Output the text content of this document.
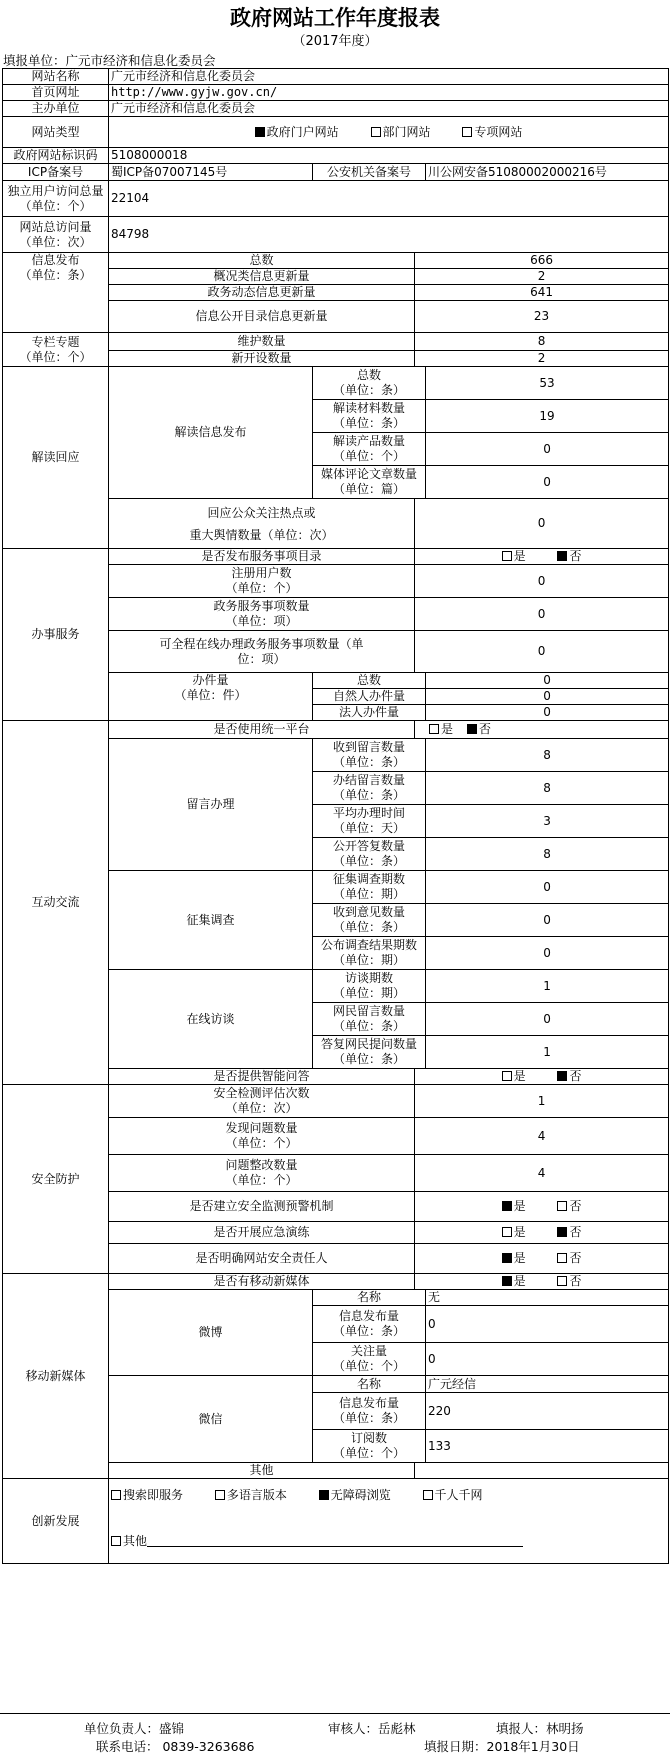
政府网站工作年度报表
（2017年度）
填报单位：广元市经济和信息化委员会
网站名称	广元市经济和信息化委员会			
首页网址	http://www.gyjw.gov.cn/			
主办单位	广元市经济和信息化委员会			
网站类型	政府门户网站 部门网站 专项网站			
政府网站标识码	5108000018			
ICP备案号	蜀ICP备07007145号	公安机关备案号		川公网安备51080002000216号
独立用户访问总量
（单位：个）	22104			
网站总访问量
（单位：次）	84798			
信息发布
（单位：条）	总数		666	
	概况类信息更新量		2	
	政务动态信息更新量		641	
	信息公开目录信息更新量		23	
专栏专题
（单位：个）	维护数量		8	
	新开设数量		2	
解读回应	解读信息发布	总数
（单位：条）		53
		解读材料数量
（单位：条）		19
		解读产品数量
（单位：个）		0
		媒体评论文章数量
（单位：篇）		0
	回应公众关注热点或
重大舆情数量（单位：次）		0	
办事服务	是否发布服务事项目录		是 否	
	注册用户数
（单位：个）		0	
	政务服务事项数量
（单位：项）		0	
	可全程在线办理政务服务事项数量（单
位：项）		0	
	办件量
（单位：件）	总数		0
		自然人办件量		0
		法人办件量		0
互动交流	是否使用统一平台		是 否	
	留言办理	收到留言数量
（单位：条）		8
		办结留言数量
（单位：条）		8
		平均办理时间
（单位：天）		3
		公开答复数量
（单位：条）		8
	征集调查	征集调查期数
（单位：期）		0
		收到意见数量
（单位：条）		0
		公布调查结果期数
（单位：期）		0
	在线访谈	访谈期数
（单位：期）		1
		网民留言数量
（单位：条）		0
		答复网民提问数量
（单位：条）		1
	是否提供智能问答		是 否	

安全防护	安全检测评估次数
（单位：次）		1	
	发现问题数量
（单位：个）		4	
	问题整改数量
（单位：个）		4	
	是否建立安全监测预警机制		是 否	
	是否开展应急演练		是 否	
	是否明确网站安全责任人		是 否	
移动新媒体	是否有移动新媒体		是 否	
	微博	名称		无
		信息发布量
（单位：条）		0
		关注量
（单位：个）		0
	微信	名称		广元经信
		信息发布量
（单位：条）		220
		订阅数
（单位：个）		133
	其他			

创新发展	搜索即服务 多语言版本 无障碍浏览 千人千网
其他			
单位负责人：盛锦	审核人：岳彪林	填报人：林明扬
联系电话： 0839-3263686	填报日期：2018年1月30日
